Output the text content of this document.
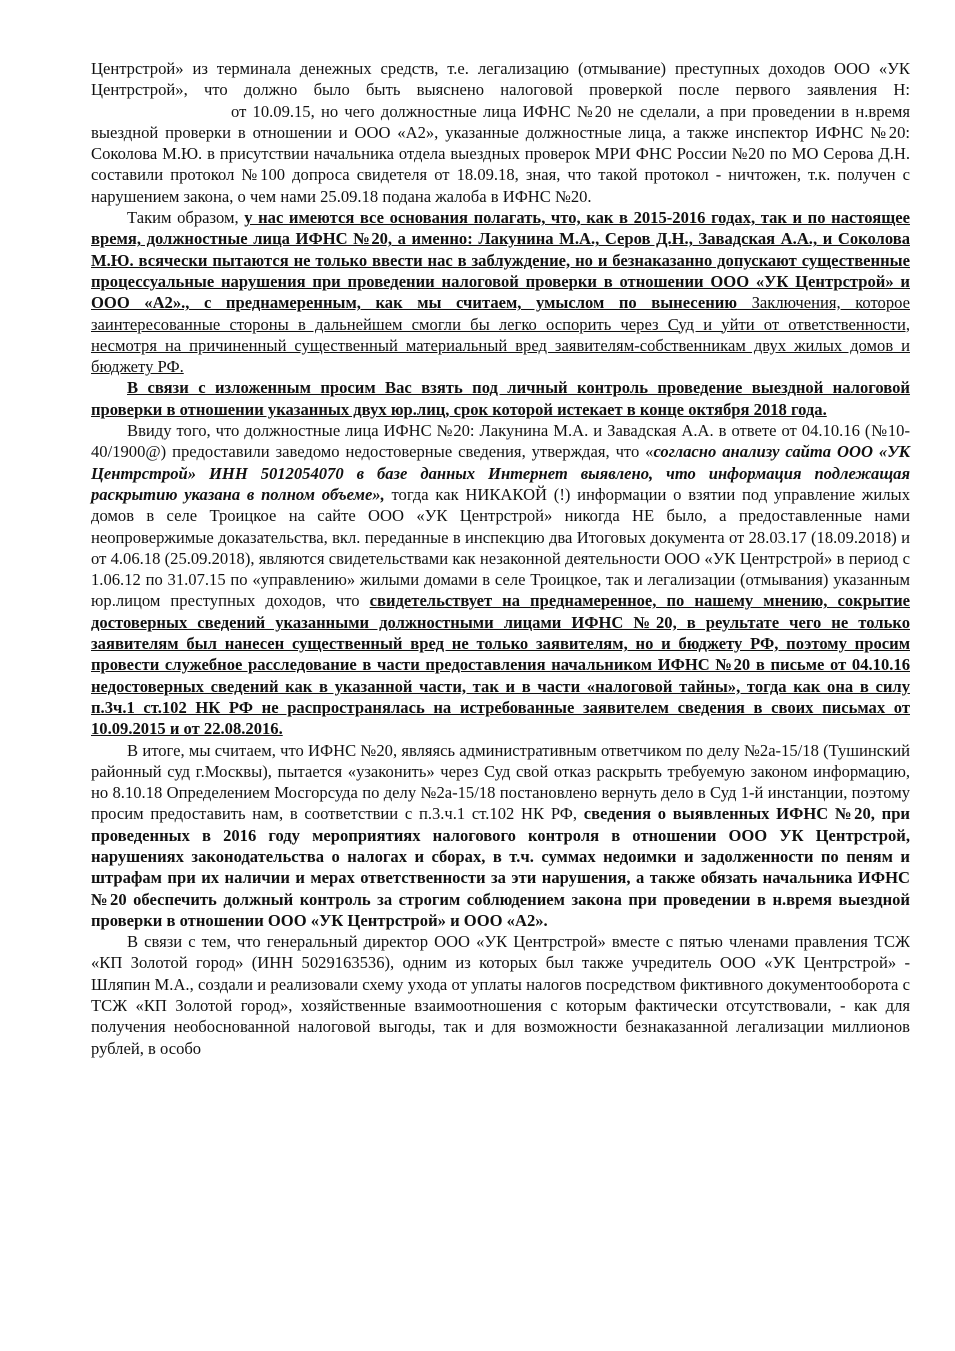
Центрстрой» из терминала денежных средств, т.е. легализацию (отмывание) преступных доходов ООО «УК Центрстрой», что должно было быть выяснено налоговой проверкой после первого заявления Н:от 10.09.15, но чего должностные лица ИФНС №20 не сделали, а при проведении в н.время выездной проверки в отношении и ООО «А2», указанные должностные лица, а также инспектор ИФНС №20: Соколова М.Ю. в присутствии начальника отдела выездных проверок МРИ ФНС России №20 по МО Серова Д.Н. составили протокол №100 допроса свидетеля от 18.09.18, зная, что такой протокол - ничтожен, т.к. получен с нарушением закона, о чем нами 25.09.18 подана жалоба в ИФНС №20.

Таким образом, у нас имеются все основания полагать, что, как в 2015-2016 годах, так и по настоящее время, должностные лица ИФНС №20, а именно: Лакунина М.А., Серов Д.Н., Завадская А.А., и Соколова М.Ю. всячески пытаются не только ввести нас в заблуждение, но и безнаказанно допускают существенные процессуальные нарушения при проведении налоговой проверки в отношении ООО «УК Центрстрой» и ООО «А2»., с преднамеренным, как мы считаем, умыслом по вынесению Заключения, которое заинтересованные стороны в дальнейшем смогли бы легко оспорить через Суд и уйти от ответственности, несмотря на причиненный существенный материальный вред заявителям-собственникам двух жилых домов и бюджету РФ.

В связи с изложенным просим Вас взять под личный контроль проведение выездной налоговой проверки в отношении указанных двух юр.лиц, срок которой истекает в конце октября 2018 года.

Ввиду того, что должностные лица ИФНС №20: Лакунина М.А. и Завадская А.А. в ответе от 04.10.16 (№10-40/1900@) предоставили заведомо недостоверные сведения, утверждая, что «согласно анализу сайта ООО «УК Центрстрой» ИНН 5012054070 в базе данных Интернет выявлено, что информация подлежащая раскрытию указана в полном объеме», тогда как НИКАКОЙ (!) информации о взятии под управление жилых домов в селе Троицкое на сайте ООО «УК Центрстрой» никогда НЕ было, а предоставленные нами неопровержимые доказательства, вкл. переданные в инспекцию два Итоговых документа от 28.03.17 (18.09.2018) и от 4.06.18 (25.09.2018), являются свидетельствами как незаконной деятельности ООО «УК Центрстрой» в период с 1.06.12 по 31.07.15 по «управлению» жилыми домами в селе Троицкое, так и легализации (отмывания) указанным юр.лицом преступных доходов, что свидетельствует на преднамеренное, по нашему мнению, сокрытие достоверных сведений указанными должностными лицами ИФНС №20, в реультате чего не только заявителям был нанесен существенный вред не только заявителям, но и бюджету РФ, поэтому просим провести служебное расследование в части предоставления начальником ИФНС №20 в письме от 04.10.16 недостоверных сведений как в указанной части, так и в части «налоговой тайны», тогда как она в силу п.3ч.1 ст.102 НК РФ не распространялась на истребованные заявителем сведения в своих письмах от 10.09.2015 и от 22.08.2016.

В итоге, мы считаем, что ИФНС №20, являясь административным ответчиком по делу №2а-15/18 (Тушинский районный суд г.Москвы), пытается «узаконить» через Суд свой отказ раскрыть требуемую законом информацию, но 8.10.18 Определением Мосгорсуда по делу №2а-15/18 постановлено вернуть дело в Суд 1-й инстанции, поэтому просим предоставить нам, в соответствии с п.3.ч.1 ст.102 НК РФ, сведения о выявленных ИФНС №20, при проведенных в 2016 году мероприятиях налогового контроля в отношении ООО УК Центрстрой, нарушениях законодательства о налогах и сборах, в т.ч. суммах недоимки и задолженности по пеням и штрафам при их наличии и мерах ответственности за эти нарушения, а также обязать начальника ИФНС №20 обеспечить должный контроль за строгим соблюдением закона при проведении в н.время выездной проверки в отношении ООО «УК Центрстрой» и ООО «А2».

В связи с тем, что генеральный директор ООО «УК Центрстрой» вместе с пятью членами правления ТСЖ «КП Золотой город» (ИНН 5029163536), одним из которых был также учредитель ООО «УК Центрстрой» - Шляпин М.А., создали и реализовали схему ухода от уплаты налогов посредством фиктивного документооборота с ТСЖ «КП Золотой город», хозяйственные взаимоотношения с которым фактически отсутствовали, - как для получения необоснованной налоговой выгоды, так и для возможности безнаказанной легализации миллионов рублей, в особо
